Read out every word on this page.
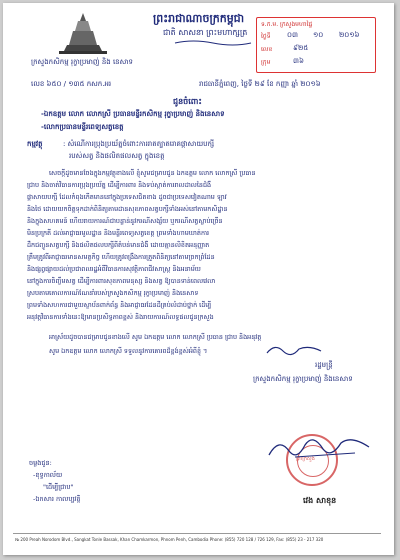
ព្រះរាជាណាចក្រកម្ពុជា
ជាតិ សាសនា ព្រះមហាក្សត្រ
ក្រសួងកសិកម្ម រុក្ខាប្រមាញ់ និង នេសាទ
ទ.ក.ម. ក្រសួងមហាផ្ទៃ
ថ្ងៃទី ០៣ ១០ ២០១៦
លេខ	៩២៥
ក្រុម	៣៦
លេខ ៦៥០ / ១៣៥ កសក.អរ	រាជធានីភ្នំពេញ, ថ្ងៃទី ២៩ ខែ កញ្ញា ឆ្នាំ ២០១៦
ជូនចំពោះ
-ឯកឧត្តម លោក លោកស្រី ប្រធានមន្ទីរកសិកម្ម រុក្ខាប្រមាញ់ និងនេសាទ
-លោកប្រធានមន្ទីរពេទ្យសត្វខេត្ត
កម្មវត្ថុ	: សំណើការប្រុងប្រយ័ត្នចំពោះការរាតត្បាតរោគផ្តាសាយបក្សី
របស់សត្វ និងផលិតផលសត្វ ក្នុងខេត្ត
សេចក្ដីដូចមានចែងក្នុងកម្មវត្ថុខាងលើ ខ្ញុំសូមជម្រាបជូន ឯកឧត្តម លោក លោកស្រី ប្រធាន
ជ្រាប និងចាត់វិធានការប្រុងប្រយ័ត្ន ដើម្បីការពារ និងទប់ស្កាត់ការរាលដាលនៃជំងឺ
ផ្តាសាយបក្សី ដែលកំពុងកើតមាននៅក្នុងប្រទេសជិតខាង ដូចជាប្រទេសវៀតណាម ឡាវ
និងថៃ ដោយយកចិត្តទុកដាក់ពិនិត្យតាមដានសុខភាពសត្វបក្សីទាំងអស់នៅតាមកសិដ្ឋាន
និងក្នុងសហគមន៍ ហើយរាយការណ៍ជាបន្ទាន់នូវករណីសង្ស័យ ឬករណីសត្វស្លាប់ច្រើន
មិនប្រក្រតី ដល់អាជ្ញាធរមូលដ្ឋាន និងមន្ទីរពេទ្យសត្វខេត្ត ព្រមទាំងហាមឃាត់ការ
ដឹកជញ្ជូនសត្វបក្សី និងផលិតផលបក្សីពីតំបន់មានជំងឺ ដោយគ្មានលិខិតអនុញ្ញាត
ត្រឹមត្រូវពីអាជ្ញាធរមានសមត្ថកិច្ច ហើយត្រូវពង្រឹងការត្រួតពិនិត្យនៅតាមច្រកព្រំដែន
និងផ្សព្វផ្សាយដល់ប្រជាពលរដ្ឋអំពីវិធានការសុវត្ថិភាពជីវសាស្ត្រ និងអនាម័យ
នៅក្នុងការចិញ្ចឹមសត្វ ដើម្បីការពារសុខភាពមនុស្ស និងសត្វ ឱ្យបានទាន់ពេលវេលា
ស្របតាមគោលការណ៍ណែនាំរបស់ក្រសួងកសិកម្ម រុក្ខាប្រមាញ់ និងនេសាទ
ព្រមទាំងសហការជាមួយស្ថាប័នពាក់ព័ន្ធ និងអាជ្ញាធរដែនដីគ្រប់លំដាប់ថ្នាក់ ដើម្បី
អនុវត្តវិធានការទាំងនេះឱ្យមានប្រសិទ្ធភាពខ្ពស់ និងរាយការណ៍លទ្ធផលជូនក្រសួង
អាស្រ័យដូចបានជម្រាបជូនខាងលើ សូម ឯកឧត្តម លោក លោកស្រី ប្រធាន ជ្រាប និងអនុវត្ត
សូម ឯកឧត្តម លោក លោកស្រី ទទួលនូវការគោរពដ៏ខ្ពង់ខ្ពស់អំពីខ្ញុំ ។
រដ្ឋមន្ត្រី
ក្រសួងកសិកម្ម រុក្ខាប្រមាញ់ និងនេសាទ
ត្រាក្រសួង
វេង សាខុន
ចម្លងជូន:
-ខុទ្ទកាល័យ
"ដើម្បីជ្រាប"
-ឯកសារ កាលប្បវត្តិ
№ 200 Preah Norodom Blvd., Sangkat Tonle Bassak, Khan Chamkarmon, Phnom Penh, Cambodia Phone: (855) 720 128 / 726 129, Fax: (855) 23 - 217 320
